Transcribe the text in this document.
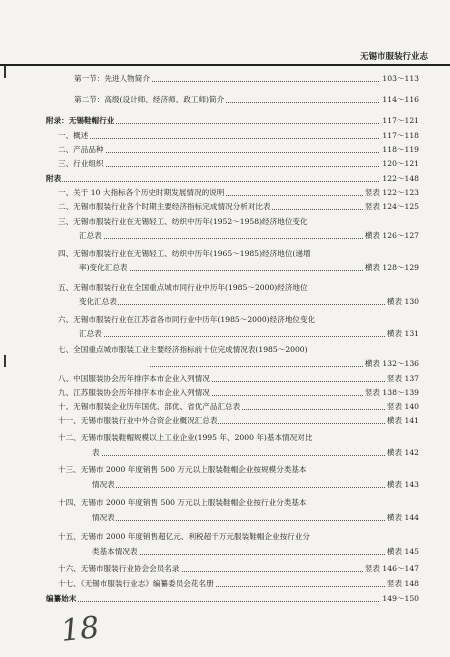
无锡市服装行业志
103～113
第一节：先进人物简介
114～116
第二节：高级(设计师、经济师、政工师)简介
117～121
附录：无锡鞋帽行业
117～118
一、概述
118～119
二、产品品种
120～121
三、行业组织
122～148
附表
竖表 122～123
一、关于 10 大指标各个历史时期发展情况的说明
竖表 124～125
二、无锡市服装行业各个时期主要经济指标完成情况分析对比表
三、无锡市服装行业在无锡轻工、纺织中历年(1952～1958)经济地位变化
横表 126～127
汇总表
四、无锡市服装行业在无锡轻工、纺织中历年(1965～1985)经济地位(递增
横表 128～129
率)变化汇总表
五、无锡市服装行业在全国重点城市同行业中历年(1985～2000)经济地位
横表 130
变化汇总表
六、无锡市服装行业在江苏省各市同行业中历年(1985～2000)经济地位变化
横表 131
汇总表
七、全国重点城市服装工业主要经济指标前十位完成情况表(1985～2000)
横表 132～136
竖表 137
八、中国服装协会历年排序本市企业入列情况
竖表 138～139
九、江苏服装协会历年排序本市企业入列情况
竖表 140
十、无锡市服装企业历年国优、部优、省优产品汇总表
横表 141
十一、无锡市服装行业中外合资企业概况汇总表
十二、无锡市服装鞋帽规模以上工业企业(1995 年、2000 年)基本情况对比
横表 142
表
十三、无锡市 2000 年度销售 500 万元以上服装鞋帽企业按规模分类基本
横表 143
情况表
十四、无锡市 2000 年度销售 500 万元以上服装鞋帽企业按行业分类基本
横表 144
情况表
十五、无锡市 2000 年度销售超亿元、利税超千万元服装鞋帽企业按行业分
横表 145
类基本情况表
竖表 146～147
十六、无锡市服装行业协会会员名录
竖表 148
十七、《无锡市服装行业志》编纂委员会花名册
149～150
编纂始末
18
